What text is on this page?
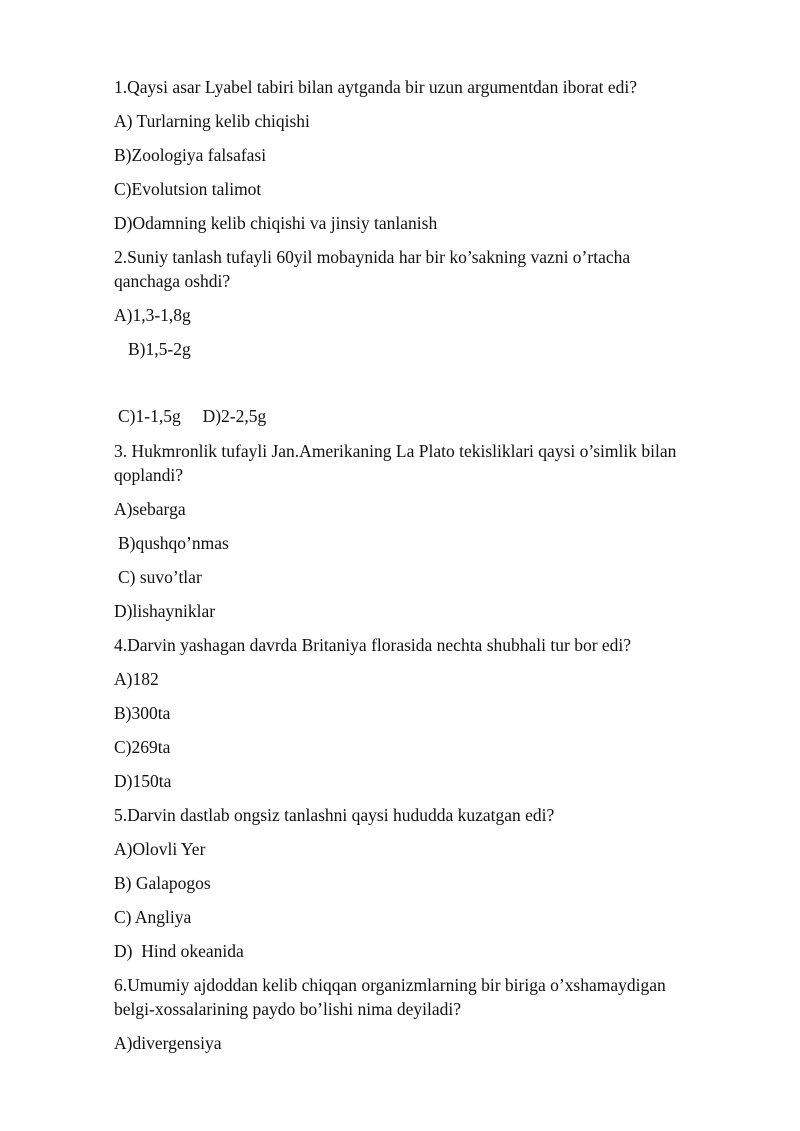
1.Qaysi asar Lyabel tabiri bilan aytganda bir uzun argumentdan iborat edi?
A) Turlarning kelib chiqishi
B)Zoologiya falsafasi
C)Evolutsion talimot
D)Odamning kelib chiqishi va jinsiy tanlanish
2.Suniy tanlash tufayli 60yil mobaynida har bir ko’sakning vazni o’rtacha
qanchaga oshdi?
A)1,3-1,8g
B)1,5-2g
C)1-1,5g     D)2-2,5g
3. Hukmronlik tufayli Jan.Amerikaning La Plato tekisliklari qaysi o’simlik bilan
qoplandi?
A)sebarga
B)qushqo’nmas
C) suvo’tlar
D)lishayniklar
4.Darvin yashagan davrda Britaniya florasida nechta shubhali tur bor edi?
A)182
B)300ta
C)269ta
D)150ta
5.Darvin dastlab ongsiz tanlashni qaysi hududda kuzatgan edi?
A)Olovli Yer
B) Galapogos
C) Angliya
D)  Hind okeanida
6.Umumiy ajdoddan kelib chiqqan organizmlarning bir biriga o’xshamaydigan
belgi-xossalarining paydo bo’lishi nima deyiladi?
A)divergensiya
